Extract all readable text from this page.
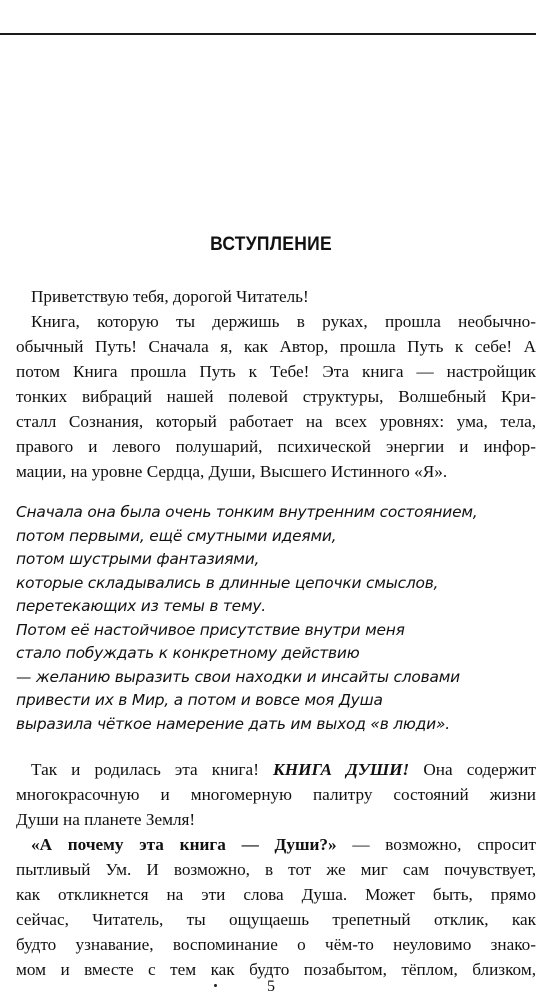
ВСТУПЛЕНИЕ
Приветствую тебя, дорогой Читатель!
Книга, которую ты держишь в руках, прошла необычно-
обычный Путь! Сначала я, как Автор, прошла Путь к себе! А
потом Книга прошла Путь к Тебе! Эта книга — настройщик
тонких вибраций нашей полевой структуры, Волшебный Кри-
сталл Сознания, который работает на всех уровнях: ума, тела,
правого и левого полушарий, психической энергии и инфор-
мации, на уровне Сердца, Души, Высшего Истинного «Я».
Сначала она была очень тонким внутренним состоянием,
потом первыми, ещё смутными идеями,
потом шустрыми фантазиями,
которые складывались в длинные цепочки смыслов,
перетекающих из темы в тему.
Потом её настойчивое присутствие внутри меня
стало побуждать к конкретному действию
— желанию выразить свои находки и инсайты словами
привести их в Мир, а потом и вовсе моя Душа
выразила чёткое намерение дать им выход «в люди».
Так и родилась эта книга! КНИГА ДУШИ! Она содержит
многокрасочную и многомерную палитру состояний жизни
Души на планете Земля!
«А почему эта книга — Души?» — возможно, спросит
пытливый Ум. И возможно, в тот же миг сам почувствует,
как откликнется на эти слова Душа. Может быть, прямо
сейчас, Читатель, ты ощущаешь трепетный отклик, как
будто узнавание, воспоминание о чём-то неуловимо знако-
мом и вместе с тем как будто позабытом, тёплом, близком,
5
